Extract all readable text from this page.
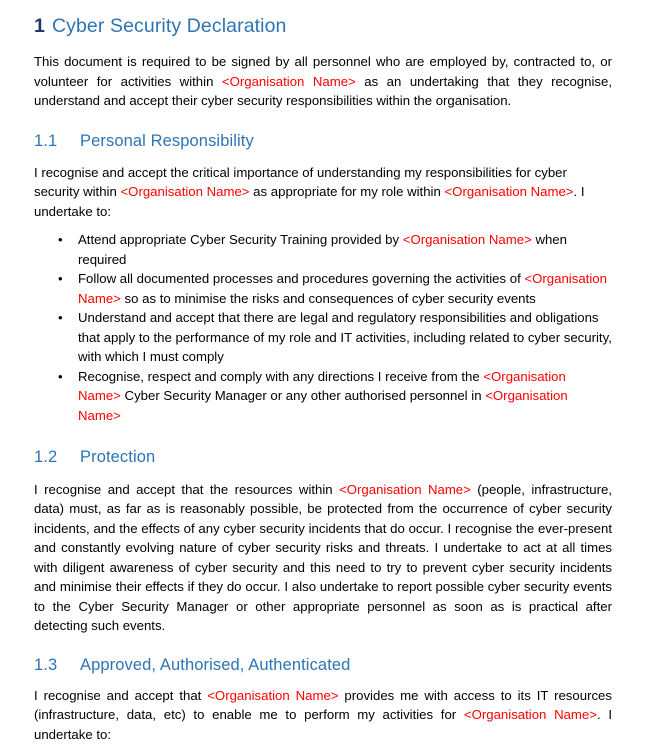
1 Cyber Security Declaration

This document is required to be signed by all personnel who are employed by, contracted to, or volunteer for activities within <Organisation Name> as an undertaking that they recognise, understand and accept their cyber security responsibilities within the organisation.

1.1 Personal Responsibility

I recognise and accept the critical importance of understanding my responsibilities for cyber security within <Organisation Name> as appropriate for my role within <Organisation Name>. I undertake to:

• Attend appropriate Cyber Security Training provided by <Organisation Name> when required
• Follow all documented processes and procedures governing the activities of <Organisation Name> so as to minimise the risks and consequences of cyber security events
• Understand and accept that there are legal and regulatory responsibilities and obligations that apply to the performance of my role and IT activities, including related to cyber security, with which I must comply
• Recognise, respect and comply with any directions I receive from the <Organisation Name> Cyber Security Manager or any other authorised personnel in <Organisation Name>
1.2 Protection

I recognise and accept that the resources within <Organisation Name> (people, infrastructure, data) must, as far as is reasonably possible, be protected from the occurrence of cyber security incidents, and the effects of any cyber security incidents that do occur. I recognise the ever-present and constantly evolving nature of cyber security risks and threats. I undertake to act at all times with diligent awareness of cyber security and this need to try to prevent cyber security incidents and minimise their effects if they do occur. I also undertake to report possible cyber security events to the Cyber Security Manager or other appropriate personnel as soon as is practical after detecting such events.

1.3 Approved, Authorised, Authenticated

I recognise and accept that <Organisation Name> provides me with access to its IT resources (infrastructure, data, etc) to enable me to perform my activities for <Organisation Name>. I undertake to:
